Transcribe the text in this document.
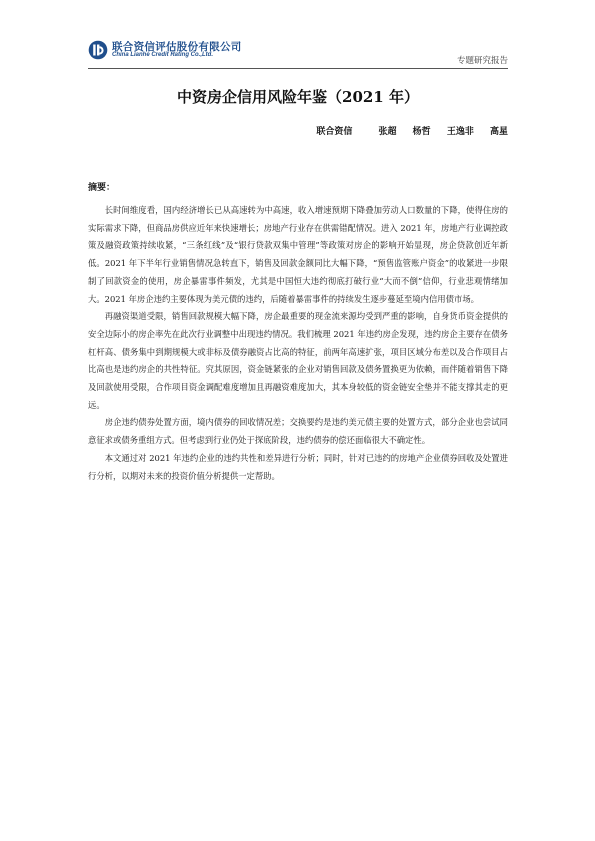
联合资信评估股份有限公司
China Lianhe Credit Rating Co.,Ltd.
专题研究报告
中资房企信用风险年鉴（2021 年）
联合资信	张超 杨哲 王逸非 高星
摘要：

长时间维度看，国内经济增长已从高速转为中高速，收入增速预期下降叠加劳动人口数量的下降，使得住房的实际需求下降，但商品房供应近年来快速增长；房地产行业存在供需错配情况。进入 2021 年，房地产行业调控政策及融资政策持续收紧，“三条红线”及“银行贷款双集中管理”等政策对房企的影响开始显现，房企贷款创近年新低。2021 年下半年行业销售情况急转直下，销售及回款金额同比大幅下降，“预售监管账户资金”的收紧进一步限制了回款资金的使用，房企暴雷事件频发，尤其是中国恒大违约彻底打破行业“大而不倒”信仰，行业悲观情绪加大。2021 年房企违约主要体现为美元债的违约，后随着暴雷事件的持续发生逐步蔓延至境内信用债市场。

再融资渠道受限，销售回款规模大幅下降，房企最重要的现金流来源均受到严重的影响，自身货币资金提供的安全边际小的房企率先在此次行业调整中出现违约情况。我们梳理 2021 年违约房企发现，违约房企主要存在债务杠杆高、债务集中到期规模大或非标及债券融资占比高的特征，前两年高速扩张，项目区域分布差以及合作项目占比高也是违约房企的共性特征。究其原因，资金链紧张的企业对销售回款及债务置换更为依赖，而伴随着销售下降及回款使用受限，合作项目资金调配难度增加且再融资难度加大，其本身较低的资金链安全垫并不能支撑其走的更远。

房企违约债券处置方面，境内债券的回收情况差；交换要约是违约美元债主要的处置方式，部分企业也尝试同意征求或债务重组方式。但考虑到行业仍处于探底阶段，违约债券的偿还面临很大不确定性。

本文通过对 2021 年违约企业的违约共性和差异进行分析；同时，针对已违约的房地产企业债券回收及处置进行分析，以期对未来的投资价值分析提供一定帮助。
